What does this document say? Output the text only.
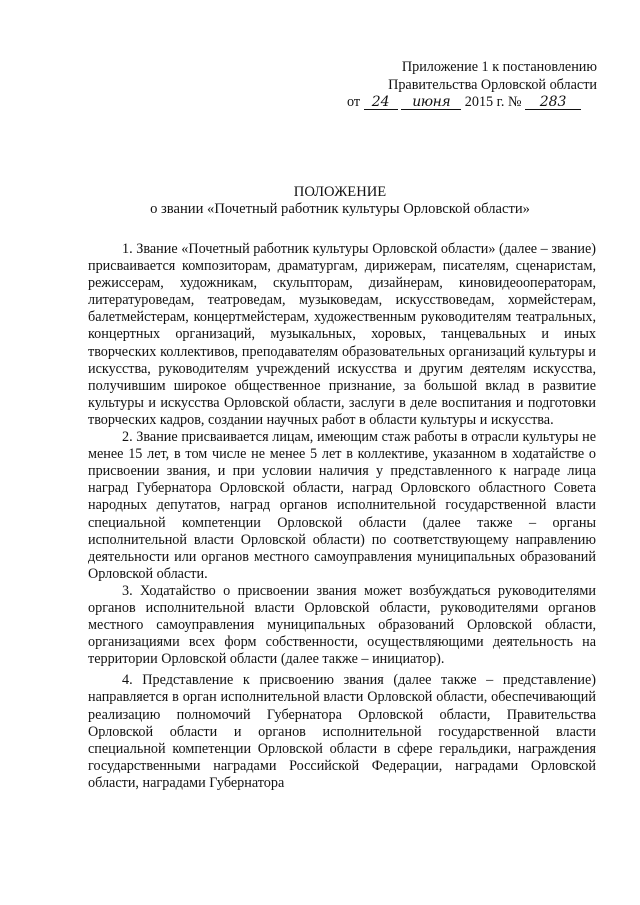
Приложение 1 к постановлению
Правительства Орловской области
от 24 июня 2015 г. № 283
ПОЛОЖЕНИЕ
о звании «Почетный работник культуры Орловской области»

1. Звание «Почетный работник культуры Орловской области» (далее – звание) присваивается композиторам, драматургам, дирижерам, писателям, сценаристам, режиссерам, художникам, скульпторам, дизайнерам, киновидеооператорам, литературоведам, театроведам, музыковедам, искусствоведам, хормейстерам, балетмейстерам, концертмейстерам, художественным руководителям театральных, концертных организаций, музыкальных, хоровых, танцевальных и иных творческих коллективов, преподавателям образовательных организаций культуры и искусства, руководителям учреждений искусства и другим деятелям искусства, получившим широкое общественное признание, за большой вклад в развитие культуры и искусства Орловской области, заслуги в деле воспитания и подготовки творческих кадров, создании научных работ в области культуры и искусства.

2. Звание присваивается лицам, имеющим стаж работы в отрасли культуры не менее 15 лет, в том числе не менее 5 лет в коллективе, указанном в ходатайстве о присвоении звания, и при условии наличия у представленного к награде лица наград Губернатора Орловской области, наград Орловского областного Совета народных депутатов, наград органов исполнительной государственной власти специальной компетенции Орловской области (далее также – органы исполнительной власти Орловской области) по соответствующему направлению деятельности или органов местного самоуправления муниципальных образований Орловской области.

3. Ходатайство о присвоении звания может возбуждаться руководителями органов исполнительной власти Орловской области, руководителями органов местного самоуправления муниципальных образований Орловской области, организациями всех форм собственности, осуществляющими деятельность на территории Орловской области (далее также – инициатор).

4. Представление к присвоению звания (далее также – представление) направляется в орган исполнительной власти Орловской области, обеспечивающий реализацию полномочий Губернатора Орловской области, Правительства Орловской области и органов исполнительной государственной власти специальной компетенции Орловской области в сфере геральдики, награждения государственными наградами Российской Федерации, наградами Орловской области, наградами Губернатора
